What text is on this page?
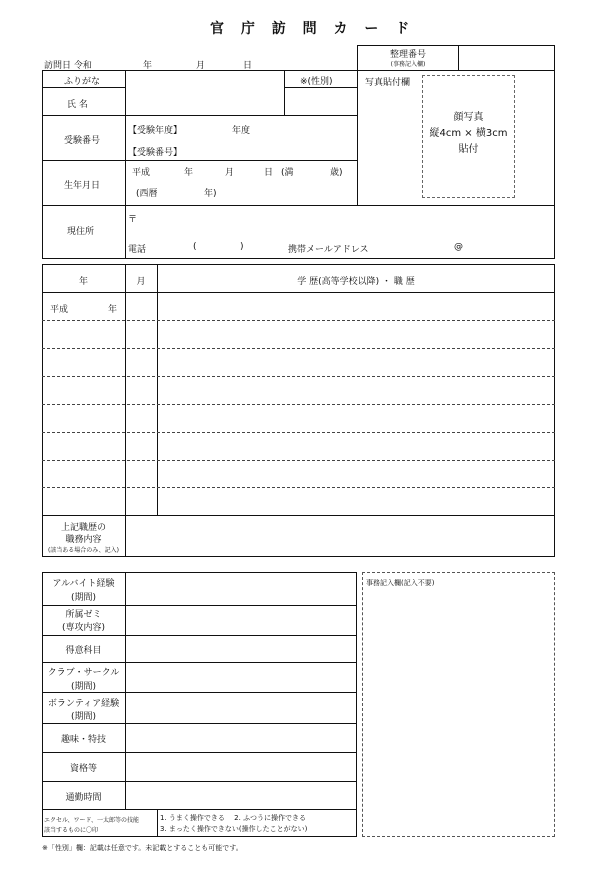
官 庁 訪 問 カ ー ド
訪問日 令和	年	月	日
整理番号
(事務記入欄)
ふりがな
氏 名
※(性別)	写真貼付欄
顔写真
縦4cm × 横3cm
貼付
受験番号
【受験年度】	年度
【受験番号】
生年月日
平成	年	月	日 (満	歳)
(西暦	年)
現住所
〒
電話	(	)	携帯メールアドレス	@
年	月	学 歴(高等学校以降) ・ 職 歴
平成	年
上記職歴の
職務内容
(該当ある場合のみ、記入)
アルバイト経験
(期間)
所属ゼミ
(専攻内容)
得意科目
クラブ・サークル
(期間)
ボランティア経験
(期間)
趣味・特技
資格等
通勤時間
エクセル、ワード、一太郎等の技能
該当するものに〇印
1. うまく操作できる　 2. ふつうに操作できる
3. まったく操作できない(操作したことがない)
事務記入欄(記入不要)
※「性別」欄：記載は任意です。未記載とすることも可能です。
